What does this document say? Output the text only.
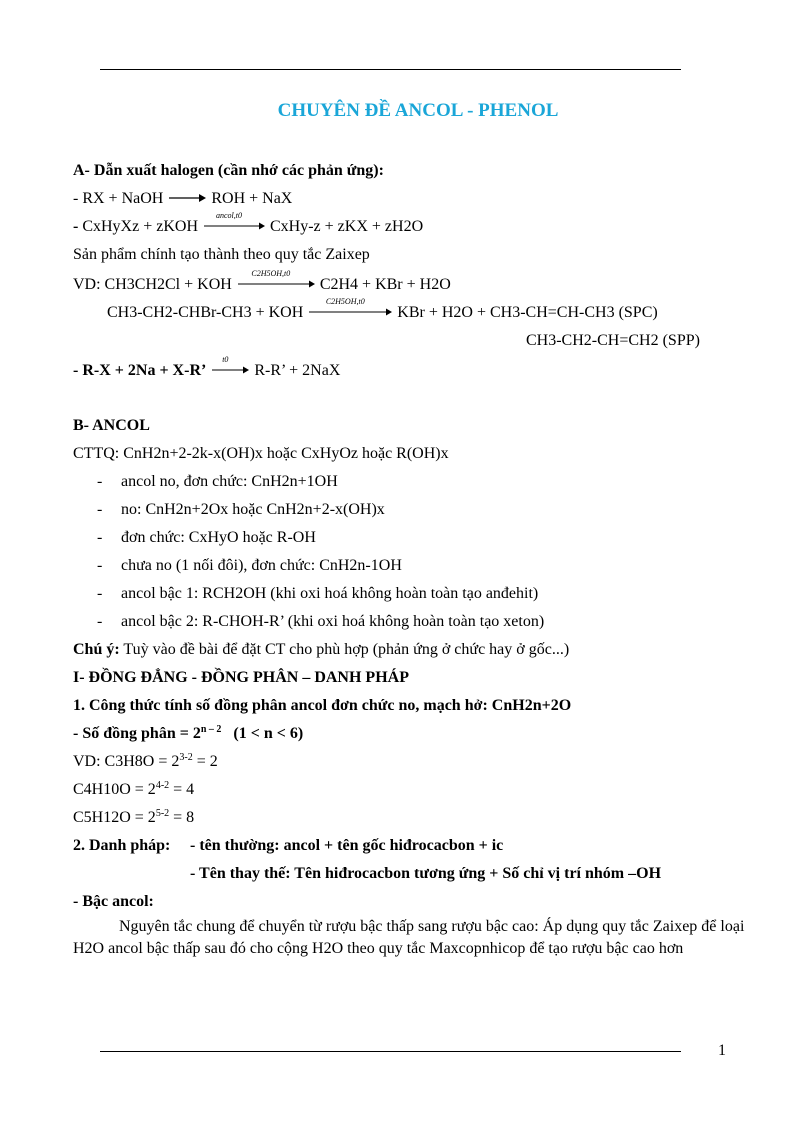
CHUYÊN ĐỀ ANCOL - PHENOL
A- Dẫn xuất halogen (cần nhớ các phản ứng):
- RX + NaOH	ROH + NaX
- CxHyXz + zKOH
ancol,t0
CxHy-z + zKX + zH2O
Sản phẩm chính tạo thành theo quy tắc Zaixep
VD: CH3CH2Cl + KOH
C2H5OH,t0
C2H4 + KBr + H2O
CH3-CH2-CHBr-CH3 + KOH
C2H5OH,t0
KBr + H2O + CH3-CH=CH-CH3 (SPC)
CH3-CH2-CH=CH2 (SPP)
- R-X + 2Na + X-R’
t0
R-R’ + 2NaX
B- ANCOL
CTTQ: CnH2n+2-2k-x(OH)x hoặc CxHyOz hoặc R(OH)x
- ancol no, đơn chức: CnH2n+1OH
- no: CnH2n+2Ox hoặc CnH2n+2-x(OH)x
- đơn chức: CxHyO hoặc R-OH
- chưa no (1 nối đôi), đơn chức: CnH2n-1OH
- ancol bậc 1: RCH2OH (khi oxi hoá không hoàn toàn tạo anđehit)
- ancol bậc 2: R-CHOH-R’ (khi oxi hoá không hoàn toàn tạo xeton)
Chú ý: Tuỳ vào đề bài để đặt CT cho phù hợp (phản ứng ở chức hay ở gốc...)
I- ĐỒNG ĐẲNG - ĐỒNG PHÂN – DANH PHÁP
1. Công thức tính số đồng phân ancol đơn chức no, mạch hở: CnH2n+2O
- Số đồng phân = $2^{n - 2}$   (1 < n < 6)
VD: $C3H8O = 2^{3-2} = 2$
$C4H10O = 2^{4-2} = 4$
$C5H12O = 2^{5-2} = 8$
2. Danh pháp: - tên thường: ancol + tên gốc hiđrocacbon + ic
- Tên thay thế: Tên hiđrocacbon tương ứng + Số chỉ vị trí nhóm –OH
- Bậc ancol:
Nguyên tắc chung để chuyển từ rượu bậc thấp sang rượu bậc cao: Áp dụng quy tắc Zaixep để loại H2O ancol bậc thấp sau đó cho cộng H2O theo quy tắc Maxcopnhicop để tạo rượu bậc cao hơn
1
